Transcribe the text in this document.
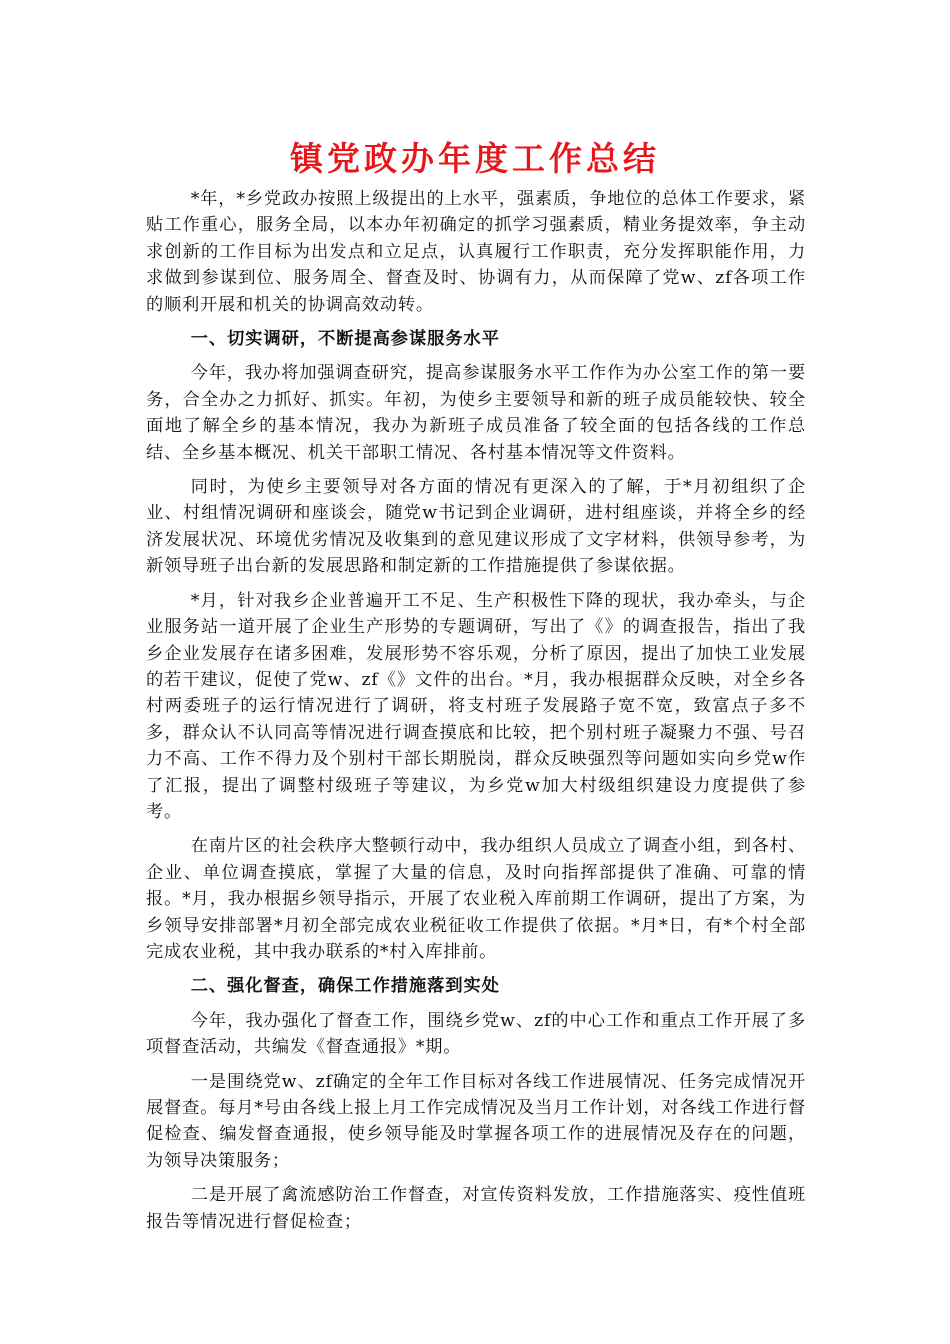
镇党政办年度工作总结

*年，*乡党政办按照上级提出的上水平，强素质，争地位的总体工作要求，紧贴工作重心，服务全局，以本办年初确定的抓学习强素质，精业务提效率，争主动求创新的工作目标为出发点和立足点，认真履行工作职责，充分发挥职能作用，力求做到参谋到位、服务周全、督查及时、协调有力，从而保障了党w、zf各项工作的顺利开展和机关的协调高效动转。

一、切实调研，不断提高参谋服务水平

今年，我办将加强调查研究，提高参谋服务水平工作作为办公室工作的第一要务，合全办之力抓好、抓实。年初，为使乡主要领导和新的班子成员能较快、较全面地了解全乡的基本情况，我办为新班子成员准备了较全面的包括各线的工作总结、全乡基本概况、机关干部职工情况、各村基本情况等文件资料。

同时，为使乡主要领导对各方面的情况有更深入的了解，于*月初组织了企业、村组情况调研和座谈会，随党w书记到企业调研，进村组座谈，并将全乡的经济发展状况、环境优劣情况及收集到的意见建议形成了文字材料，供领导参考，为新领导班子出台新的发展思路和制定新的工作措施提供了参谋依据。

*月，针对我乡企业普遍开工不足、生产积极性下降的现状，我办牵头，与企业服务站一道开展了企业生产形势的专题调研，写出了《》的调查报告，指出了我乡企业发展存在诸多困难，发展形势不容乐观，分析了原因，提出了加快工业发展的若干建议，促使了党w、zf《》文件的出台。*月，我办根据群众反映，对全乡各村两委班子的运行情况进行了调研，将支村班子发展路子宽不宽，致富点子多不多，群众认不认同高等情况进行调查摸底和比较，把个别村班子凝聚力不强、号召力不高、工作不得力及个别村干部长期脱岗，群众反映强烈等问题如实向乡党w作了汇报，提出了调整村级班子等建议，为乡党w加大村级组织建设力度提供了参考。

在南片区的社会秩序大整顿行动中，我办组织人员成立了调查小组，到各村、企业、单位调查摸底，掌握了大量的信息，及时向指挥部提供了准确、可靠的情报。*月，我办根据乡领导指示，开展了农业税入库前期工作调研，提出了方案，为乡领导安排部署*月初全部完成农业税征收工作提供了依据。*月*日，有*个村全部完成农业税，其中我办联系的*村入库排前。

二、强化督查，确保工作措施落到实处

今年，我办强化了督查工作，围绕乡党w、zf的中心工作和重点工作开展了多项督查活动，共编发《督查通报》*期。

一是围绕党w、zf确定的全年工作目标对各线工作进展情况、任务完成情况开展督查。每月*号由各线上报上月工作完成情况及当月工作计划，对各线工作进行督促检查、编发督查通报，使乡领导能及时掌握各项工作的进展情况及存在的问题，为领导决策服务；

二是开展了禽流感防治工作督查，对宣传资料发放，工作措施落实、疫性值班报告等情况进行督促检查；
